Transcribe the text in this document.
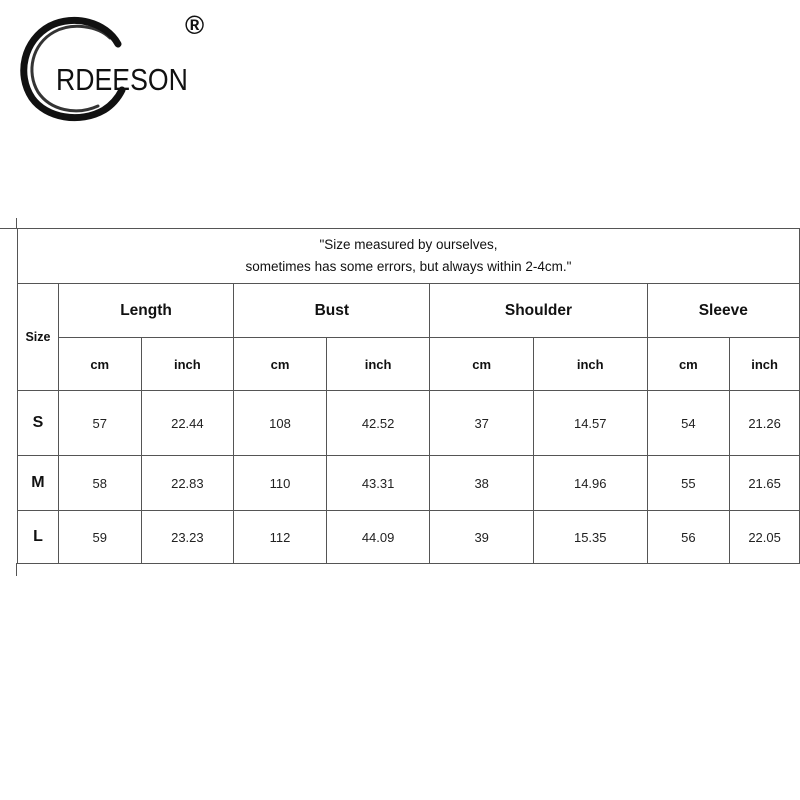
RDEESON
®
"Size measured by ourselves,
sometimes has some errors, but always within 2-4cm."								

Size	Length		Bust		Shoulder		Sleeve	
	cm	inch	cm	inch	cm	inch	cm	inch
S	57	22.44	108	42.52	37	14.57	54	21.26
M	58	22.83	110	43.31	38	14.96	55	21.65
L	59	23.23	112	44.09	39	15.35	56	22.05
